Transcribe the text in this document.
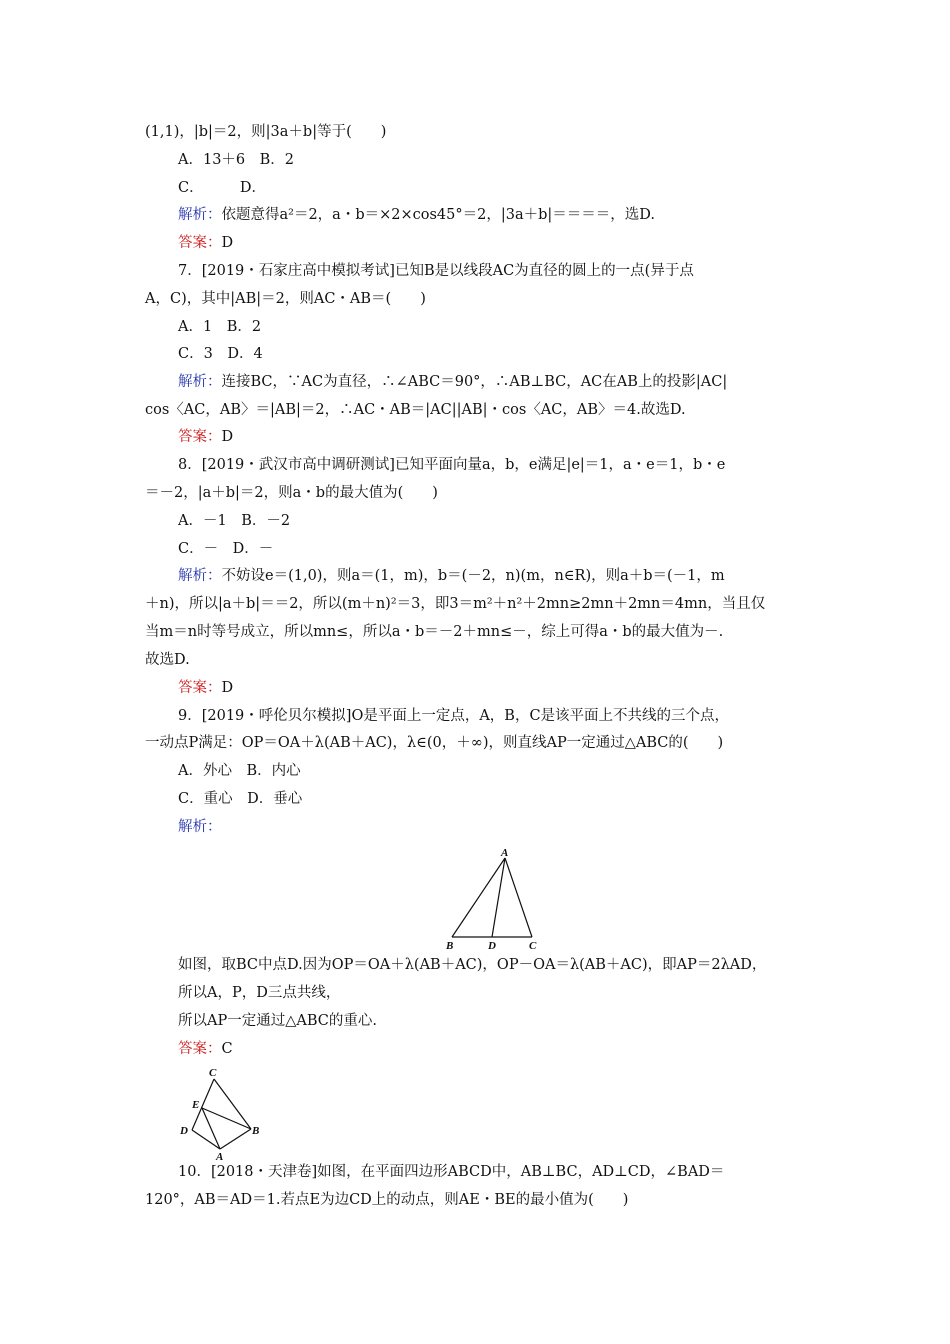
(1,1)，|b|＝2，则|3a＋b|等于(　　)
A．13＋6　B．2
C．　　　D．
解析：依题意得a²＝2，a・b＝×2×cos45°＝2，|3a＋b|＝＝＝＝，选D.
答案：D
7．[2019・石家庄高中模拟考试]已知B是以线段AC为直径的圆上的一点(异于点
A，C)，其中|AB|＝2，则AC・AB＝(　　)
A．1　B．2
C．3　D．4
解析：连接BC，∵AC为直径，∴∠ABC＝90°，∴AB⊥BC，AC在AB上的投影|AC|
cos〈AC，AB〉＝|AB|＝2，∴AC・AB＝|AC||AB|・cos〈AC，AB〉＝4.故选D.
答案：D
8．[2019・武汉市高中调研测试]已知平面向量a，b，e满足|e|＝1，a・e＝1，b・e
＝－2，|a＋b|＝2，则a・b的最大值为(　　)
A．－1　B．－2
C．－　D．－
解析：不妨设e＝(1,0)，则a＝(1，m)，b＝(－2，n)(m，n∈R)，则a＋b＝(－1，m
＋n)，所以|a＋b|＝＝2，所以(m＋n)²＝3，即3＝m²＋n²＋2mn≥2mn＋2mn＝4mn，当且仅
当m＝n时等号成立，所以mn≤，所以a・b＝－2＋mn≤－，综上可得a・b的最大值为－.
故选D.
答案：D
9．[2019・呼伦贝尔模拟]O是平面上一定点，A，B，C是该平面上不共线的三个点，
一动点P满足：OP＝OA＋λ(AB＋AC)，λ∈(0，＋∞)，则直线AP一定通过△ABC的(　　)
A．外心　B．内心
C．重心　D．垂心
解析：
A
B	D	C
如图，取BC中点D.因为OP＝OA＋λ(AB＋AC)，OP－OA＝λ(AB＋AC)，即AP＝2λAD，
所以A，P，D三点共线，
所以AP一定通过△ABC的重心.
答案：C
C
E
D	B
A
10．[2018・天津卷]如图，在平面四边形ABCD中，AB⊥BC，AD⊥CD，∠BAD＝
120°，AB＝AD＝1.若点E为边CD上的动点，则AE・BE的最小值为(　　)
